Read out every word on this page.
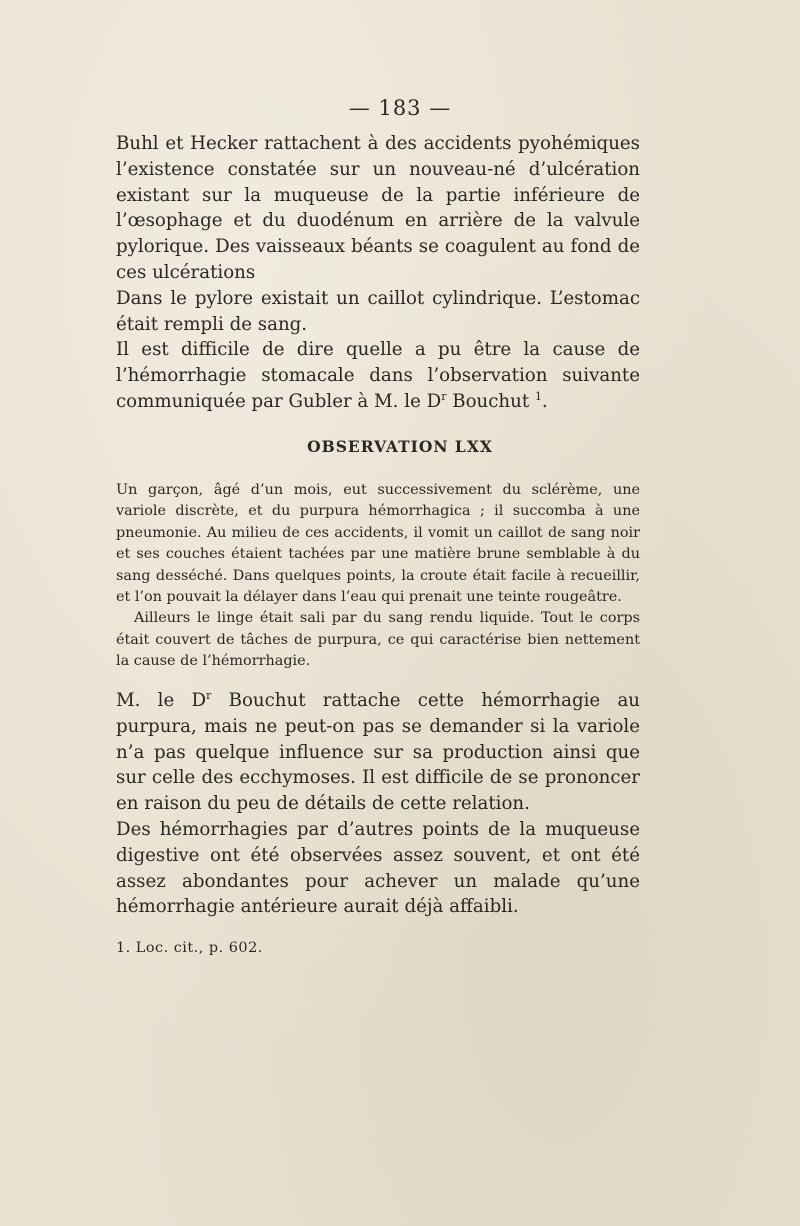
— 183 —

Buhl et Hecker rattachent à des accidents pyohémiques l’existence constatée sur un nouveau-né d’ulcération existant sur la muqueuse de la partie inférieure de l’œsophage et du duodénum en arrière de la valvule pylorique. Des vaisseaux béants se coagulent au fond de ces ulcérations

Dans le pylore existait un caillot cylindrique. L’estomac était rempli de sang.

Il est difficile de dire quelle a pu être la cause de l’hémorrhagie stomacale dans l’observation suivante communiquée par Gubler à M. le $D^r$ Bouchut $^1$.

OBSERVATION LXX

Un garçon, âgé d’un mois, eut successivement du sclérème, une variole discrète, et du purpura hémorrhagica ; il succomba à une pneumonie. Au milieu de ces accidents, il vomit un caillot de sang noir et ses couches étaient tachées par une matière brune semblable à du sang desséché. Dans quelques points, la croute était facile à recueillir, et l’on pouvait la délayer dans l’eau qui prenait une teinte rougeâtre.

Ailleurs le linge était sali par du sang rendu liquide. Tout le corps était couvert de tâches de purpura, ce qui caractérise bien nettement la cause de l’hémorrhagie.

M. le $D^r$ Bouchut rattache cette hémorrhagie au purpura, mais ne peut-on pas se demander si la variole n’a pas quelque influence sur sa production ainsi que sur celle des ecchymoses. Il est difficile de se prononcer en raison du peu de détails de cette relation.

Des hémorrhagies par d’autres points de la muqueuse digestive ont été observées assez souvent, et ont été assez abondantes pour achever un malade qu’une hémorrhagie antérieure aurait déjà affaibli.

1. Loc. cit., p. 602.
